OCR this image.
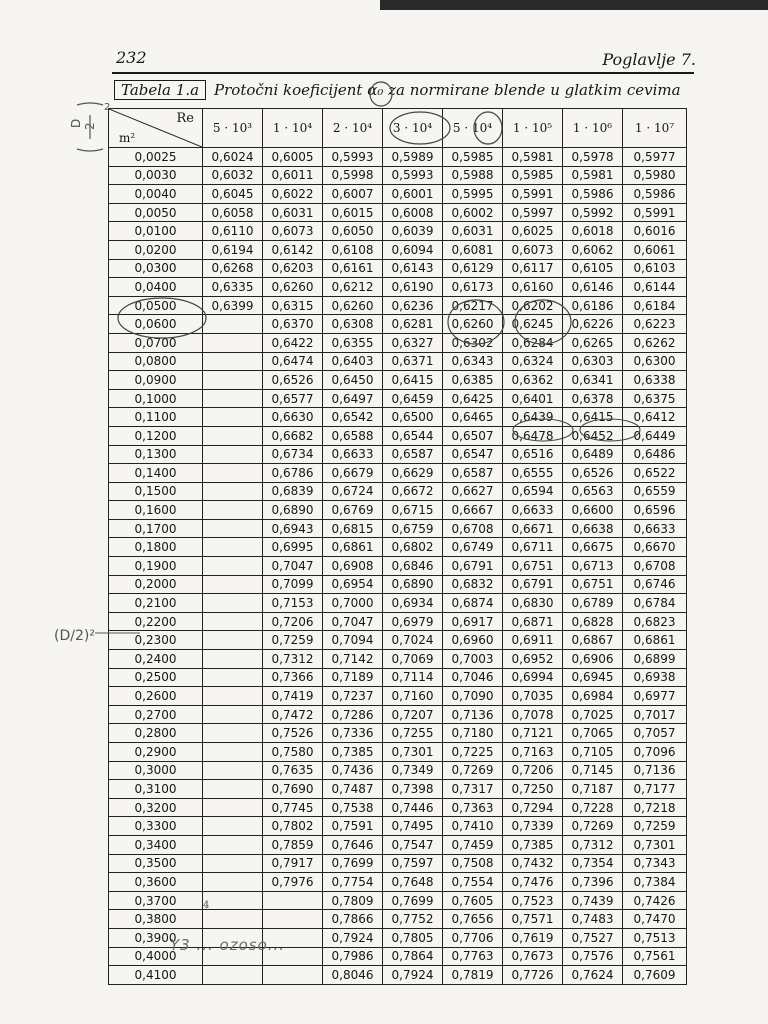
232	Poglavlje 7.
Tabela 1.a Protočni koeficijent α₀ za normirane blende u glatkim cevima
D 2
2
Re
m²	5 · 10³	1 · 10⁴	2 · 10⁴	3 · 10⁴	5 · 10⁴	1 · 10⁵	1 · 10⁶	1 · 10⁷
0,0025	0,6024	0,6005	0,5993	0,5989	0,5985	0,5981	0,5978	0,5977
0,0030	0,6032	0,6011	0,5998	0,5993	0,5988	0,5985	0,5981	0,5980
0,0040	0,6045	0,6022	0,6007	0,6001	0,5995	0,5991	0,5986	0,5986
0,0050	0,6058	0,6031	0,6015	0,6008	0,6002	0,5997	0,5992	0,5991
0,0100	0,6110	0,6073	0,6050	0,6039	0,6031	0,6025	0,6018	0,6016
0,0200	0,6194	0,6142	0,6108	0,6094	0,6081	0,6073	0,6062	0,6061
0,0300	0,6268	0,6203	0,6161	0,6143	0,6129	0,6117	0,6105	0,6103
0,0400	0,6335	0,6260	0,6212	0,6190	0,6173	0,6160	0,6146	0,6144
0,0500	0,6399	0,6315	0,6260	0,6236	0,6217	0,6202	0,6186	0,6184
0,0600		0,6370	0,6308	0,6281	0,6260	0,6245	0,6226	0,6223
0,0700		0,6422	0,6355	0,6327	0,6302	0,6284	0,6265	0,6262
0,0800		0,6474	0,6403	0,6371	0,6343	0,6324	0,6303	0,6300
0,0900		0,6526	0,6450	0,6415	0,6385	0,6362	0,6341	0,6338
0,1000		0,6577	0,6497	0,6459	0,6425	0,6401	0,6378	0,6375
0,1100		0,6630	0,6542	0,6500	0,6465	0,6439	0,6415	0,6412
0,1200		0,6682	0,6588	0,6544	0,6507	0,6478	0,6452	0,6449
0,1300		0,6734	0,6633	0,6587	0,6547	0,6516	0,6489	0,6486
0,1400		0,6786	0,6679	0,6629	0,6587	0,6555	0,6526	0,6522
0,1500		0,6839	0,6724	0,6672	0,6627	0,6594	0,6563	0,6559
0,1600		0,6890	0,6769	0,6715	0,6667	0,6633	0,6600	0,6596
0,1700		0,6943	0,6815	0,6759	0,6708	0,6671	0,6638	0,6633
0,1800		0,6995	0,6861	0,6802	0,6749	0,6711	0,6675	0,6670
0,1900		0,7047	0,6908	0,6846	0,6791	0,6751	0,6713	0,6708
0,2000		0,7099	0,6954	0,6890	0,6832	0,6791	0,6751	0,6746
0,2100		0,7153	0,7000	0,6934	0,6874	0,6830	0,6789	0,6784
0,2200		0,7206	0,7047	0,6979	0,6917	0,6871	0,6828	0,6823
0,2300		0,7259	0,7094	0,7024	0,6960	0,6911	0,6867	0,6861
0,2400		0,7312	0,7142	0,7069	0,7003	0,6952	0,6906	0,6899
0,2500		0,7366	0,7189	0,7114	0,7046	0,6994	0,6945	0,6938
0,2600		0,7419	0,7237	0,7160	0,7090	0,7035	0,6984	0,6977
0,2700		0,7472	0,7286	0,7207	0,7136	0,7078	0,7025	0,7017
0,2800		0,7526	0,7336	0,7255	0,7180	0,7121	0,7065	0,7057
0,2900		0,7580	0,7385	0,7301	0,7225	0,7163	0,7105	0,7096
0,3000		0,7635	0,7436	0,7349	0,7269	0,7206	0,7145	0,7136
0,3100		0,7690	0,7487	0,7398	0,7317	0,7250	0,7187	0,7177
0,3200		0,7745	0,7538	0,7446	0,7363	0,7294	0,7228	0,7218
0,3300		0,7802	0,7591	0,7495	0,7410	0,7339	0,7269	0,7259
0,3400		0,7859	0,7646	0,7547	0,7459	0,7385	0,7312	0,7301
0,3500		0,7917	0,7699	0,7597	0,7508	0,7432	0,7354	0,7343
0,3600		0,7976	0,7754	0,7648	0,7554	0,7476	0,7396	0,7384
0,3700			0,7809	0,7699	0,7605	0,7523	0,7439	0,7426
0,3800			0,7866	0,7752	0,7656	0,7571	0,7483	0,7470
0,3900			0,7924	0,7805	0,7706	0,7619	0,7527	0,7513
0,4000			0,7986	0,7864	0,7763	0,7673	0,7576	0,7561
0,4100			0,8046	0,7924	0,7819	0,7726	0,7624	0,7609
(D/2)²
4
Y3 ... ozoso...
